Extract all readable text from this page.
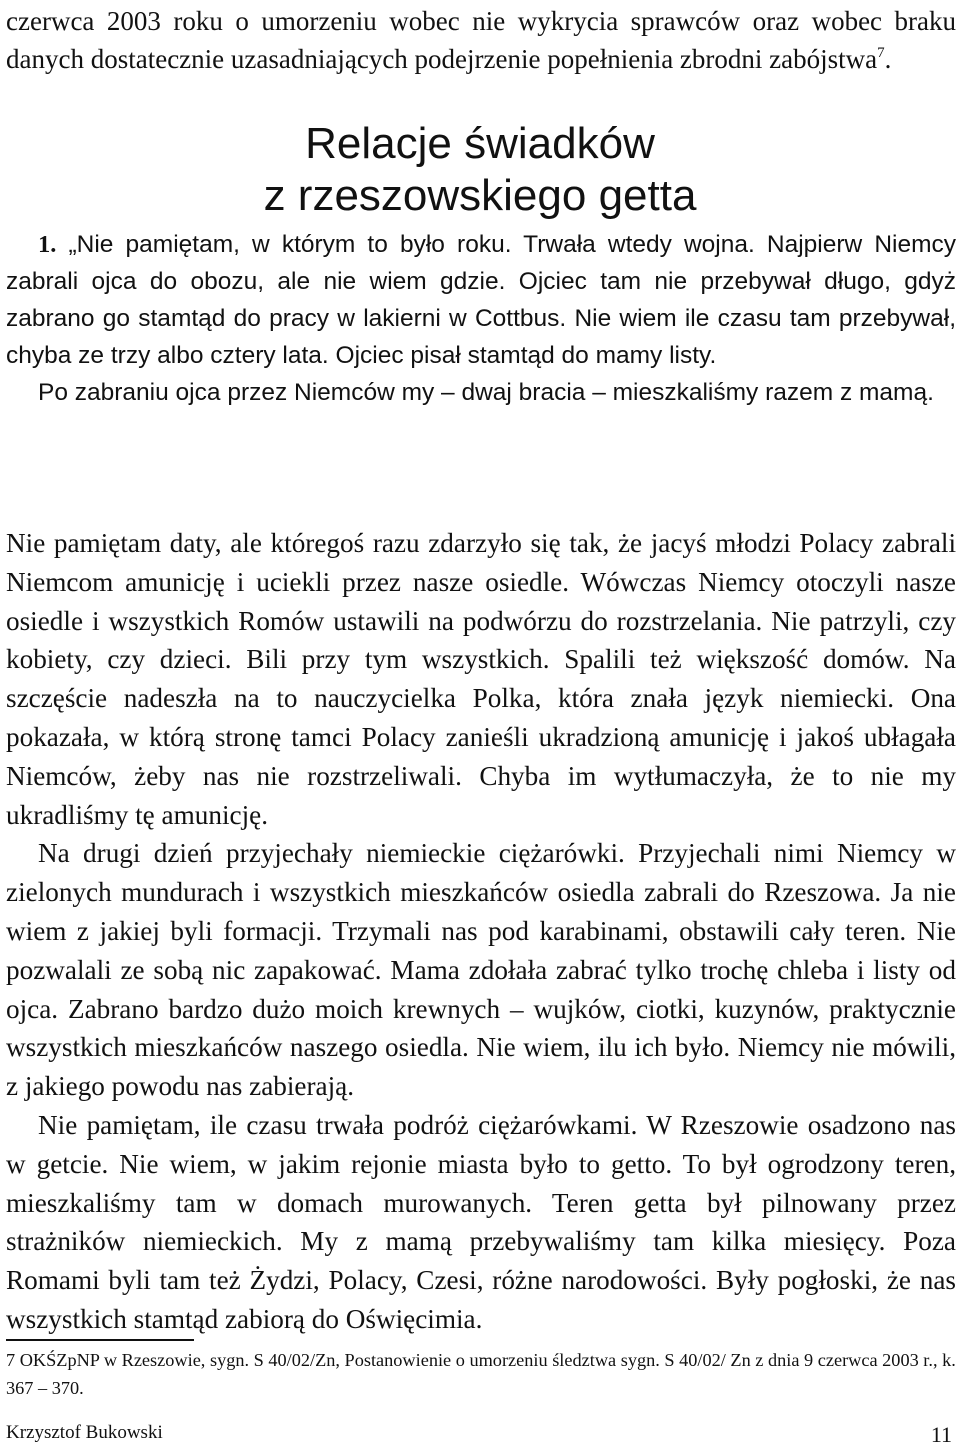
czerwca 2003 roku o umorzeniu wobec nie wykrycia sprawców oraz wobec braku danych dostatecznie uzasadniających podejrzenie popełnienia zbrodni zabójstwa$^7$.

Relacje świadków
z rzeszowskiego getta

1. „Nie pamiętam, w którym to było roku. Trwała wtedy wojna. Najpierw Niemcy zabrali ojca do obozu, ale nie wiem gdzie. Ojciec tam nie przebywał długo, gdyż zabrano go stamtąd do pracy w lakierni w Cottbus. Nie wiem ile czasu tam przebywał, chyba ze trzy albo cztery lata. Ojciec pisał stamtąd do mamy listy.

Po zabraniu ojca przez Niemców my – dwaj bracia – mieszkaliśmy razem z mamą.

Nie pamiętam daty, ale któregoś razu zdarzyło się tak, że jacyś młodzi Polacy zabrali Niemcom amunicję i uciekli przez nasze osiedle. Wówczas Niemcy otoczyli nasze osiedle i wszystkich Romów ustawili na podwórzu do rozstrzelania. Nie patrzyli, czy kobiety, czy dzieci. Bili przy tym wszystkich. Spalili też większość domów. Na szczęście nadeszła na to nauczycielka Polka, która znała język niemiecki. Ona pokazała, w którą stronę tamci Polacy zanieśli ukradzioną amunicję i jakoś ubłagała Niemców, żeby nas nie rozstrzeliwali. Chyba im wytłumaczyła, że to nie my ukradliśmy tę amunicję.

Na drugi dzień przyjechały niemieckie ciężarówki. Przyjechali nimi Niemcy w zielonych mundurach i wszystkich mieszkańców osiedla zabrali do Rzeszowa. Ja nie wiem z jakiej byli formacji. Trzymali nas pod karabinami, obstawili cały teren. Nie pozwalali ze sobą nic zapakować. Mama zdołała zabrać tylko trochę chleba i listy od ojca. Zabrano bardzo dużo moich krewnych – wujków, ciotki, kuzynów, praktycznie wszystkich mieszkańców naszego osiedla. Nie wiem, ilu ich było. Niemcy nie mówili, z jakiego powodu nas zabierają.

Nie pamiętam, ile czasu trwała podróż ciężarówkami. W Rzeszowie osadzono nas w getcie. Nie wiem, w jakim rejonie miasta było to getto. To był ogrodzony teren, mieszkaliśmy tam w domach murowanych. Teren getta był pilnowany przez strażników niemieckich. My z mamą przebywaliśmy tam kilka miesięcy. Poza Romami byli tam też Żydzi, Polacy, Czesi, różne narodowości. Były pogłoski, że nas wszystkich stamtąd zabiorą do Oświęcimia.

7 OKŚZpNP w Rzeszowie, sygn. S 40/02/Zn, Postanowienie o umorzeniu śledztwa sygn. S 40/02/ Zn z dnia 9 czerwca 2003 r., k. 367 – 370.

Krzysztof Bukowski	11
